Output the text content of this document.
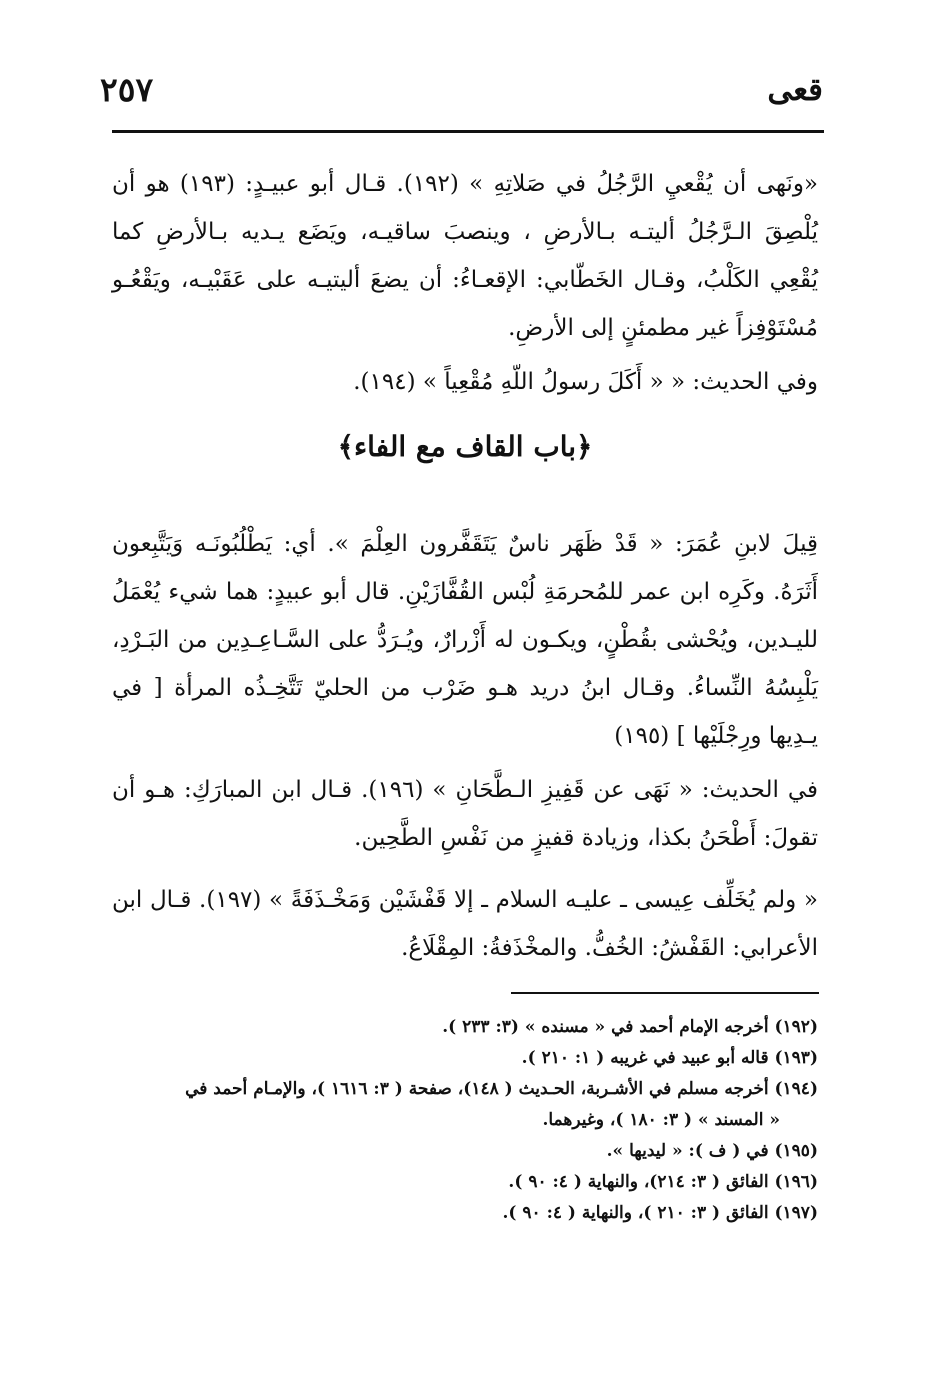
قعى
٢٥٧

«ونَهى أن يُقْعيِ الرَّجُلُ في صَلاتِهِ » (١٩٢). قـال أبو عبيـدٍ: (١٩٣) هو أن يُلْصِقَ الـرَّجُلُ أليتـه بـالأرضِ ، وينصبَ ساقيـه، ويَضَع يـديه بـالأرضِ كما يُقْعِي الكَلْبُ، وقـال الخَطّابي: الإقعـاءُ: أن يضعَ أليتيـه على عَقَبْيـه، ويَقْعُـو مُسْتَوْفِزاً غير مطمئنٍ إلى الأرضِ.

وفي الحديث: « « أَكَلَ رسولُ اللّهِ مُقْعِياً » (١٩٤).

﴿باب القاف مع الفاء﴾

قِيلَ لابنِ عُمَرَ: « قَدْ ظَهَر ناسٌ يَتَقَفَّرون العِلْمَ ». أي: يَطْلُبُونَـه وَيَتَّبِعون أَثَرَهُ. وكَرِه ابن عمر للمُحرمَةِ لُبْس القُفَّازَيْنِ. قال أبو عبيدٍ: هما شيء يُعْمَلُ لليـدين، ويُحْشى بقُطْنٍ، ويكـون له أَزْرارٌ، ويُـرَدُّ على السَّـاعِـدِين من البَـرْدِ، يَلْبِسُهُ النِّساءُ. وقـال ابنُ دريد هـو ضَرْب من الحليّ تَتَّخِـذُه المرأة [ في يـدِيها ورِجْلَيْها ] (١٩٥)

في الحديث: « نَهَى عن قَفِيزِ الـطَّحَانِ » (١٩٦). قـال ابن المبارَكِ: هـو أن تقولَ: أَطْحَنُ بكذا، وزيادة قفيزٍ من نَفْسِ الطَّحِين.

« ولم يُخَلِّف عِيسى ـ عليـه السلام ـ إلا قَفْشَيْن وَمَخْـذَفَةً » (١٩٧). قـال ابن الأعرابي: القَفْشُ: الخُفُّ. والمخْذَفةُ: المِقْلَاعُ.

(١٩٢) أخرجه الإمام أحمد في « مسنده » (٣: ٢٣٣ ).

(١٩٣) قاله أبو عبيد في غريبه ( ١: ٢١٠ ).

(١٩٤) أخرجه مسلم في الأشـربة، الحـديث ( ١٤٨)، صفحة ( ٣: ١٦١٦ )، والإمـام أحمد في

« المسند » ( ٣: ١٨٠ )، وغيرهما.

(١٩٥) في ( ف ): « ليديها ».

(١٩٦) الفائق ( ٣: ٢١٤)، والنهاية ( ٤: ٩٠ ).

(١٩٧) الفائق ( ٣: ٢١٠ )، والنهاية ( ٤: ٩٠ ).
